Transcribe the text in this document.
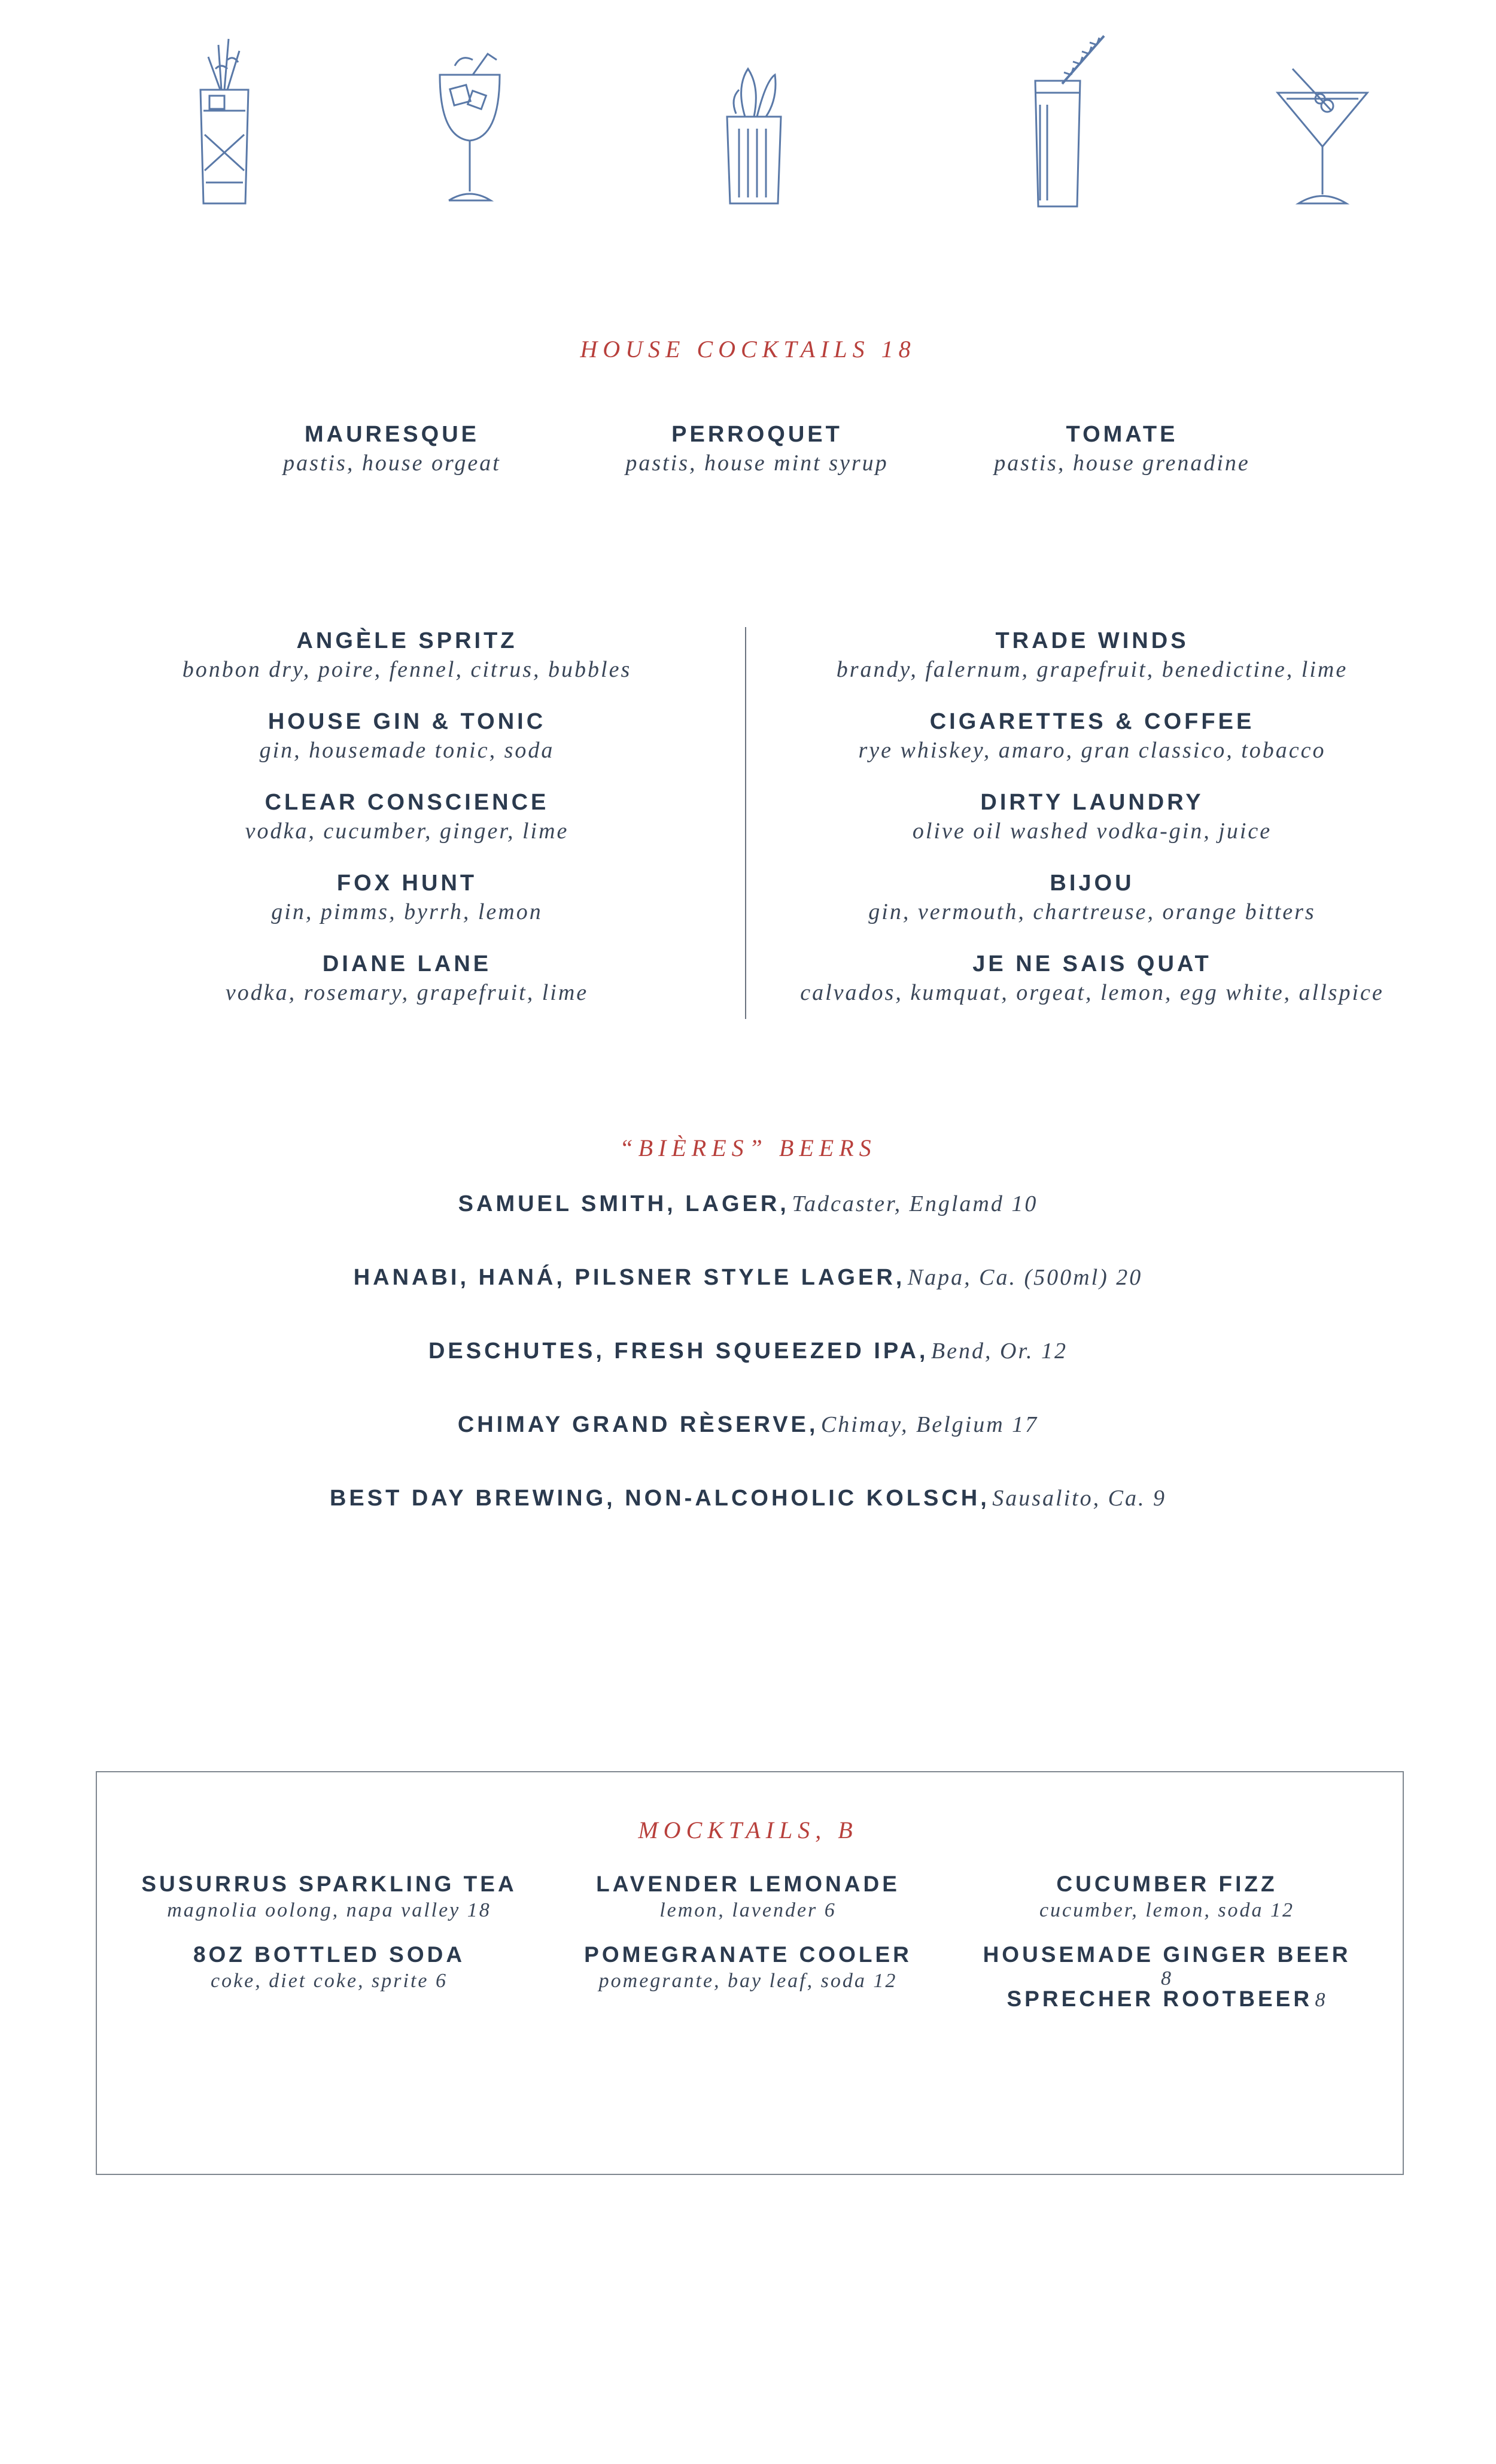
HOUSE COCKTAILS 18
MAURESQUE
pastis, house orgeat
PERROQUET
pastis, house mint syrup
TOMATE
pastis, house grenadine
ANGÈLE SPRITZ
bonbon dry, poire, fennel, citrus, bubbles
HOUSE GIN & TONIC
gin, housemade tonic, soda
CLEAR CONSCIENCE
vodka, cucumber, ginger, lime
FOX HUNT
gin, pimms, byrrh, lemon
DIANE LANE
vodka, rosemary, grapefruit, lime
TRADE WINDS
brandy, falernum, grapefruit, benedictine, lime
CIGARETTES & COFFEE
rye whiskey, amaro, gran classico, tobacco
DIRTY LAUNDRY
olive oil washed vodka-gin, juice
BIJOU
gin, vermouth, chartreuse, orange bitters
JE NE SAIS QUAT
calvados, kumquat, orgeat, lemon, egg white, allspice
“BIÈRES” BEERS
SAMUEL SMITH, LAGER, Tadcaster, Englamd 10
HANABI, HANÁ, PILSNER STYLE LAGER, Napa, Ca. (500ml) 20
DESCHUTES, FRESH SQUEEZED IPA, Bend, Or. 12
CHIMAY GRAND RÈSERVE, Chimay, Belgium 17
BEST DAY BREWING, NON-ALCOHOLIC KOLSCH, Sausalito, Ca. 9
MOCKTAILS, B
SUSURRUS SPARKLING TEA
magnolia oolong, napa valley 18
LAVENDER LEMONADE
lemon, lavender 6
CUCUMBER FIZZ
cucumber, lemon, soda 12
8OZ BOTTLED SODA
coke, diet coke, sprite 6
POMEGRANATE COOLER
pomegrante, bay leaf, soda 12
HOUSEMADE GINGER BEER 8
SPRECHER ROOTBEER 8
